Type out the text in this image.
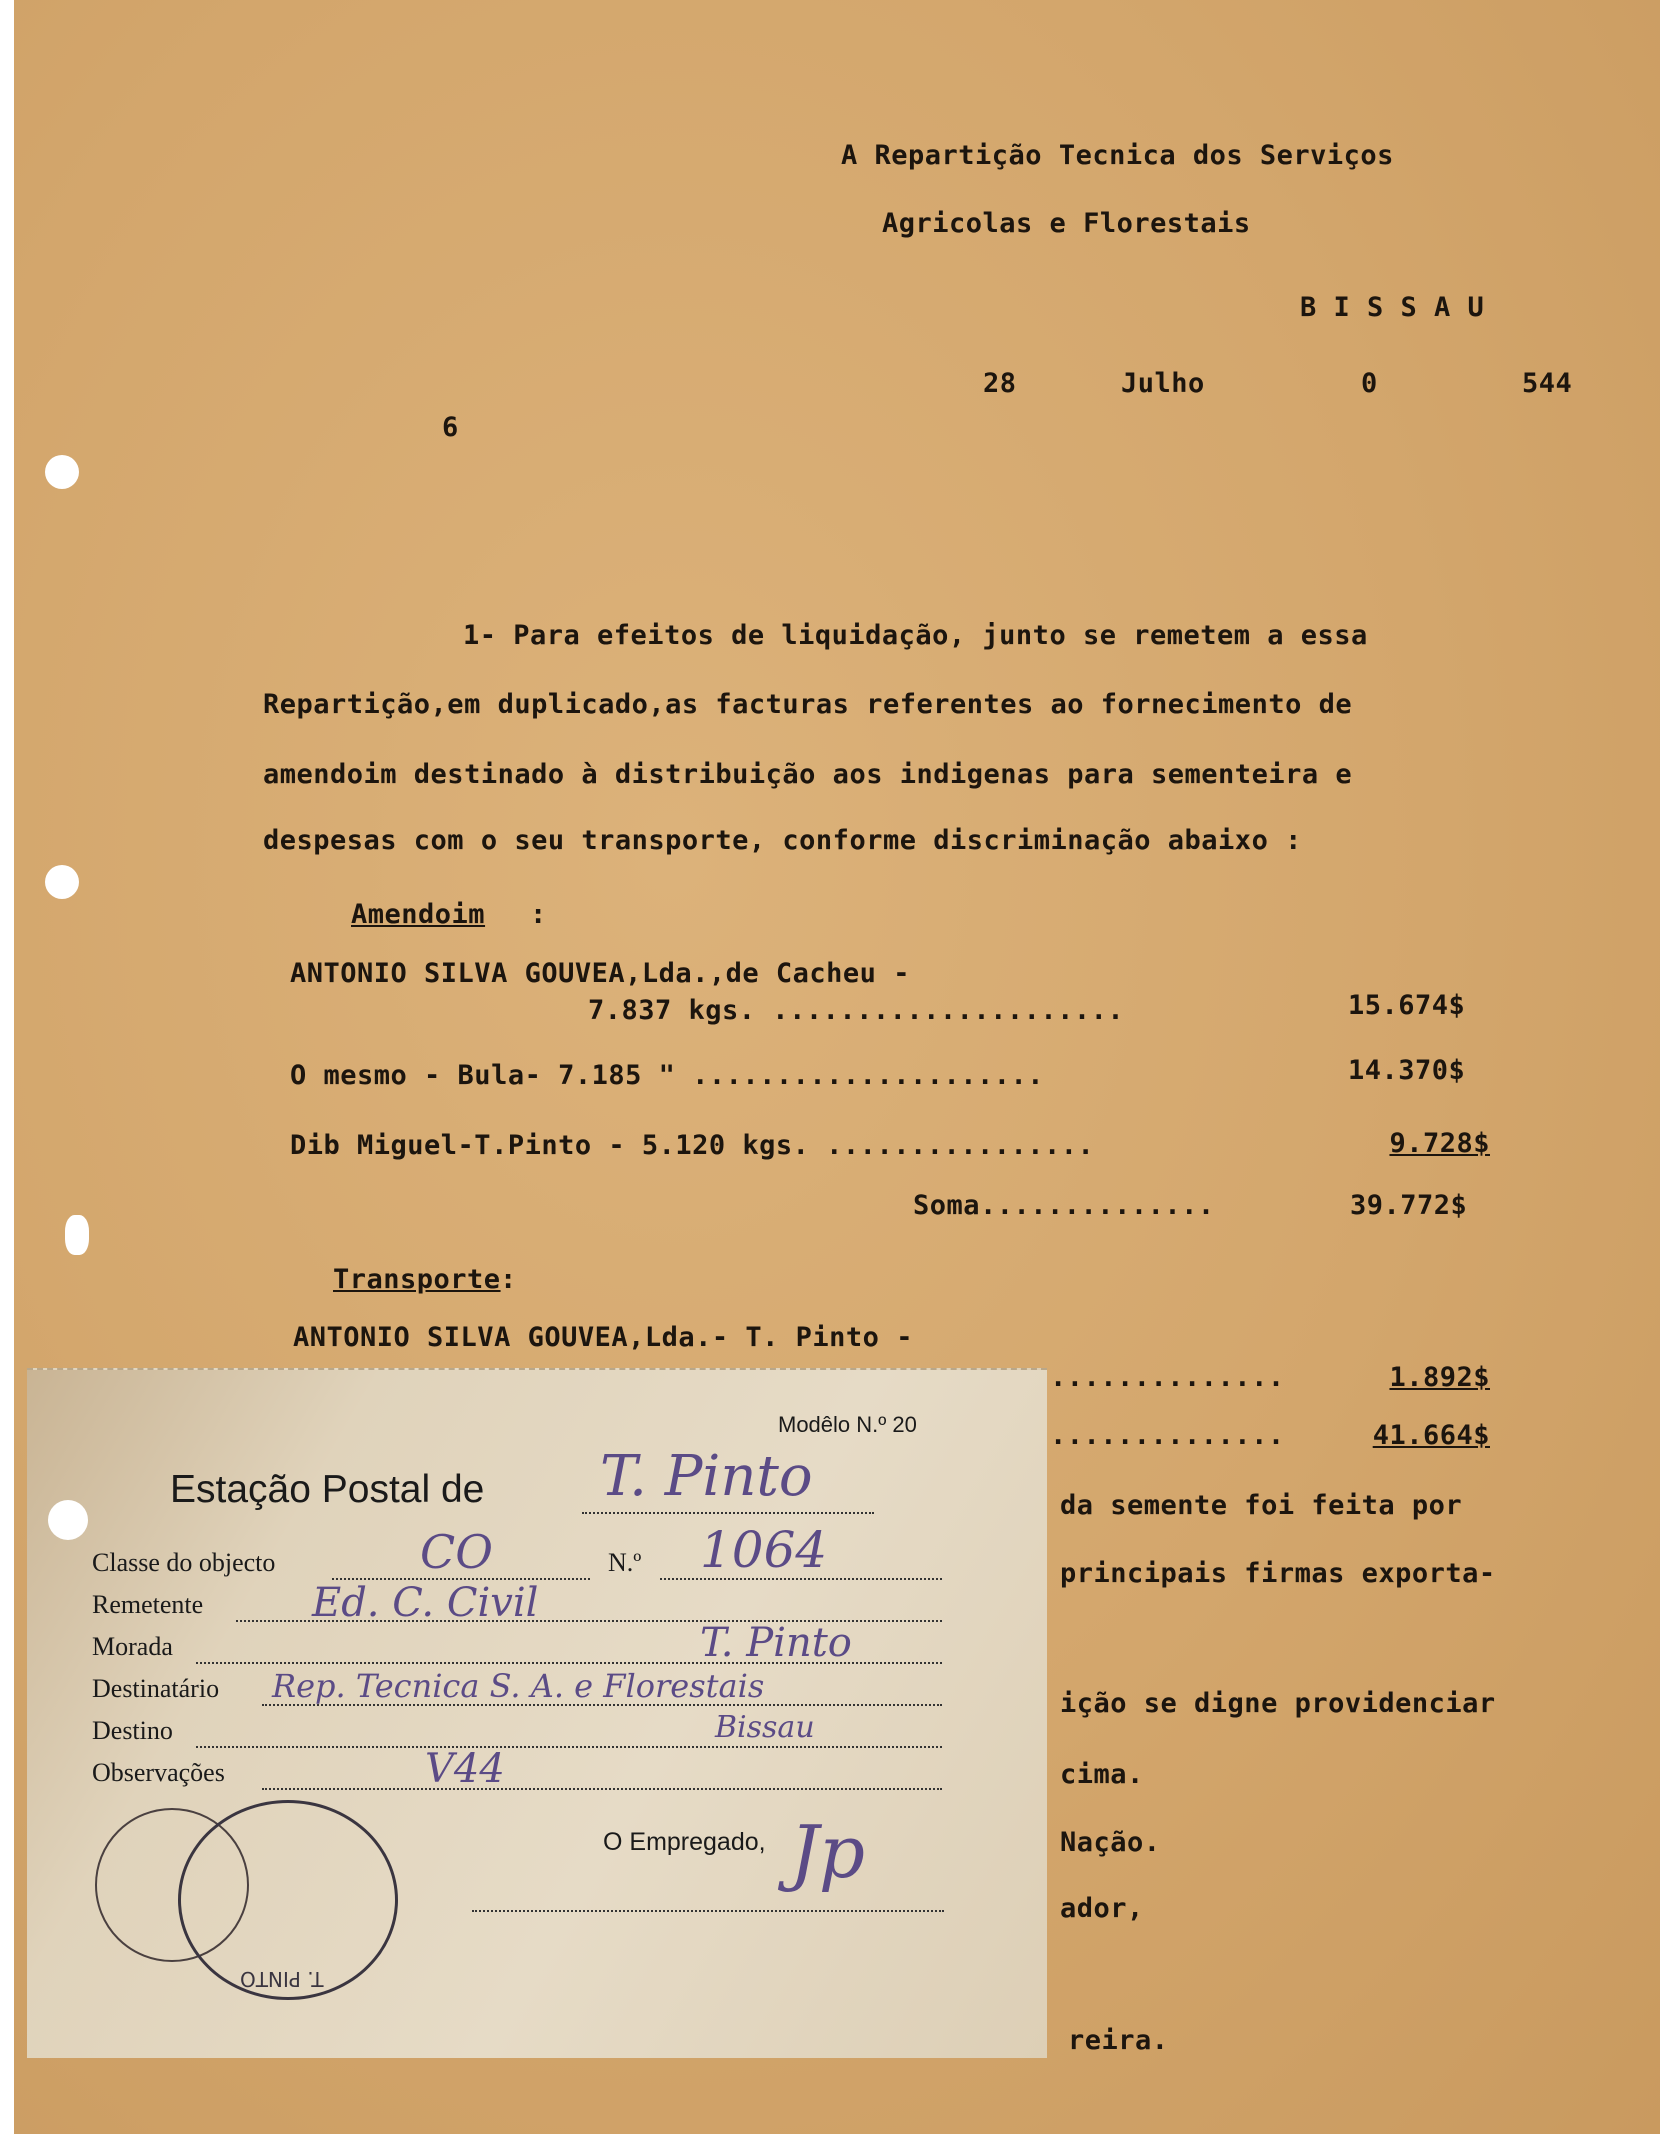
A Repartição Tecnica dos Serviços
Agricolas e Florestais
B I S S A U
28	Julho	0	544
6
1- Para efeitos de liquidação, junto se remetem a essa
Repartição,em duplicado,as facturas referentes ao fornecimento de
amendoim destinado à distribuição aos indigenas para sementeira e
despesas com o seu transporte, conforme discriminação abaixo :
Amendoim :
ANTONIO SILVA GOUVEA,Lda.,de Cacheu -
7.837 kgs. .....................	15.674$
O mesmo - Bula- 7.185 " .....................	14.370$
Dib Miguel-T.Pinto - 5.120 kgs. ................	9.728$
Soma..............	39.772$
Transporte :
ANTONIO SILVA GOUVEA,Lda.- T. Pinto -
..............	1.892$
..............	41.664$
da semente foi feita por
principais firmas exporta-
ição se digne providenciar
cima.
Nação.
ador,
reira.
Modêlo N.º 20
Estação Postal de T. Pinto
Classe do objecto	CO	N.º 1064
Remetente	Ed. C. Civil
Morada	T. Pinto
Destinatário Rep. Tecnica S. A. e Florestais
Destino	Bissau
Observações	V44
O Empregado, Jp
T. PINTO
